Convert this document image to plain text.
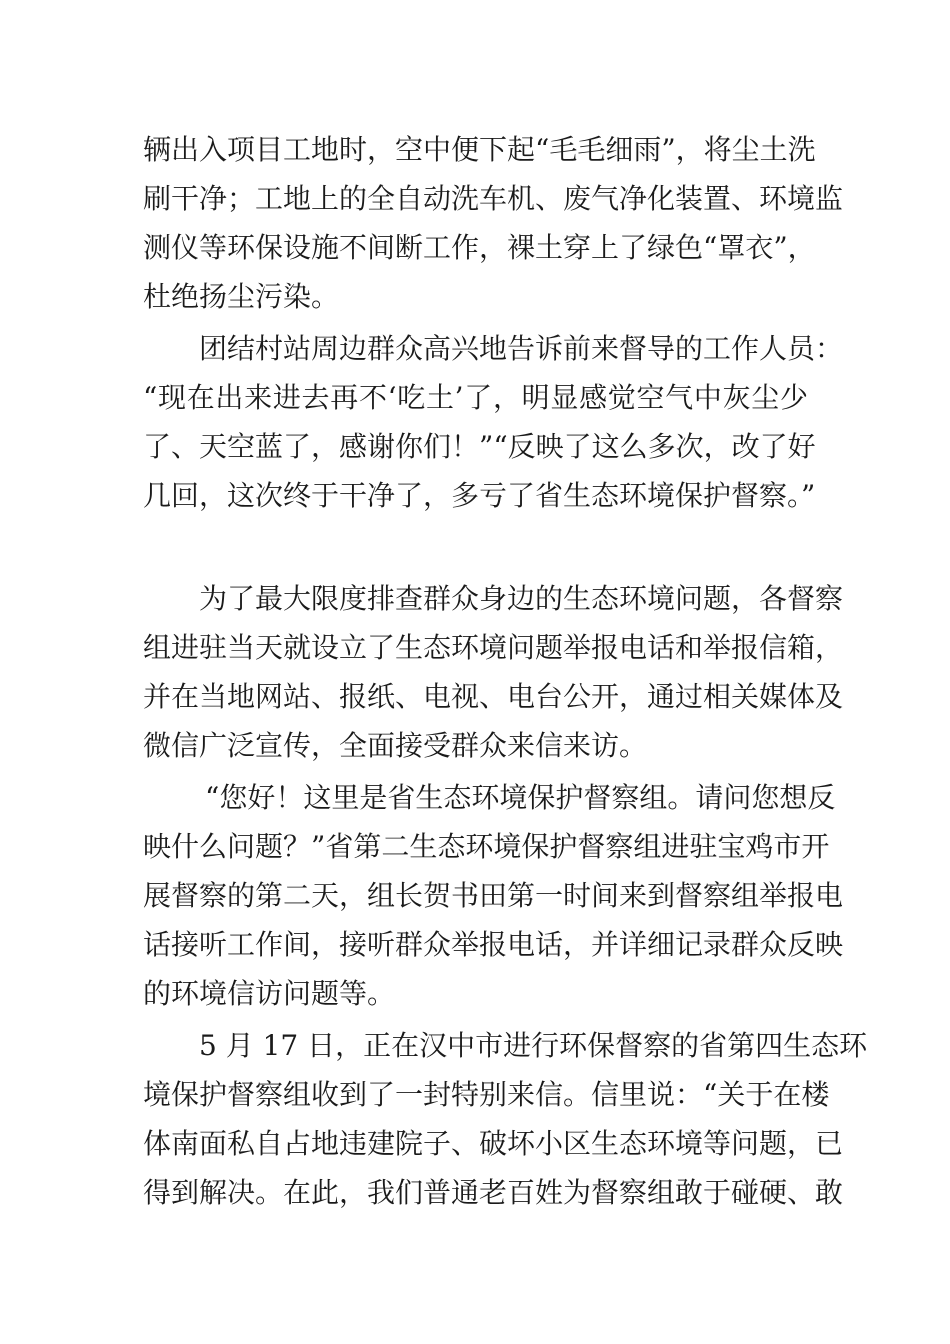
辆出入项目工地时，空中便下起“毛毛细雨”，将尘土洗
刷干净；工地上的全自动洗车机、废气净化装置、环境监
测仪等环保设施不间断工作，裸土穿上了绿色“罩衣”，
杜绝扬尘污染。
团结村站周边群众高兴地告诉前来督导的工作人员：
“现在出来进去再不‘吃土’了，明显感觉空气中灰尘少
了、天空蓝了，感谢你们！”“反映了这么多次，改了好
几回，这次终于干净了，多亏了省生态环境保护督察。”
为了最大限度排查群众身边的生态环境问题，各督察
组进驻当天就设立了生态环境问题举报电话和举报信箱，
并在当地网站、报纸、电视、电台公开，通过相关媒体及
微信广泛宣传，全面接受群众来信来访。
“您好！这里是省生态环境保护督察组。请问您想反
映什么问题？”省第二生态环境保护督察组进驻宝鸡市开
展督察的第二天，组长贺书田第一时间来到督察组举报电
话接听工作间，接听群众举报电话，并详细记录群众反映
的环境信访问题等。
5 月 17 日，正在汉中市进行环保督察的省第四生态环
境保护督察组收到了一封特别来信。信里说：“关于在楼
体南面私自占地违建院子、破坏小区生态环境等问题，已
得到解决。在此，我们普通老百姓为督察组敢于碰硬、敢
